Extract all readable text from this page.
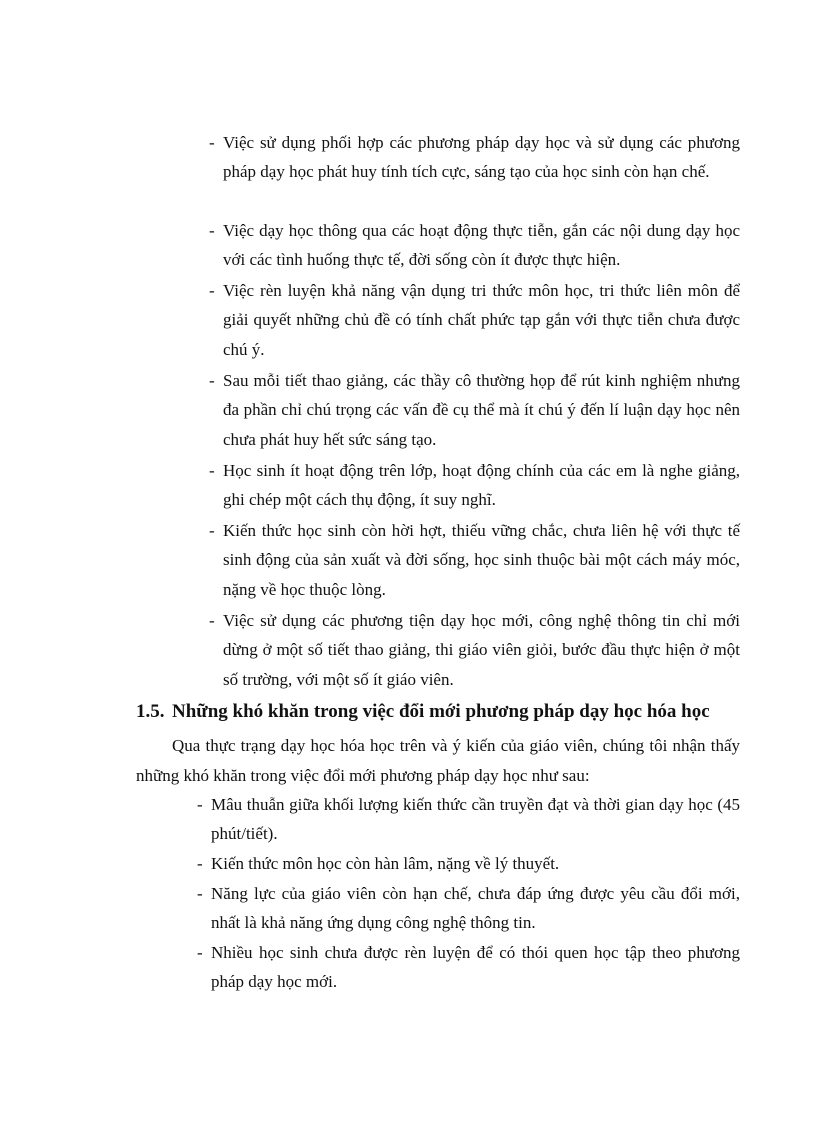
- Việc sử dụng phối hợp các phương pháp dạy học và sử dụng các phương pháp dạy học phát huy tính tích cực, sáng tạo của học sinh còn hạn chế.
- Việc dạy học thông qua các hoạt động thực tiễn, gắn các nội dung dạy học với các tình huống thực tế, đời sống còn ít được thực hiện.
- Việc rèn luyện khả năng vận dụng tri thức môn học, tri thức liên môn để giải quyết những chủ đề có tính chất phức tạp gắn với thực tiễn chưa được chú ý.
- Sau mỗi tiết thao giảng, các thầy cô thường họp để rút kinh nghiệm nhưng đa phần chỉ chú trọng các vấn đề cụ thể mà ít chú ý đến lí luận dạy học nên chưa phát huy hết sức sáng tạo.
- Học sinh ít hoạt động trên lớp, hoạt động chính của các em là nghe giảng, ghi chép một cách thụ động, ít suy nghĩ.
- Kiến thức học sinh còn hời hợt, thiếu vững chắc, chưa liên hệ với thực tế sinh động của sản xuất và đời sống, học sinh thuộc bài một cách máy móc, nặng về học thuộc lòng.
- Việc sử dụng các phương tiện dạy học mới, công nghệ thông tin chỉ mới dừng ở một số tiết thao giảng, thi giáo viên giỏi, bước đầu thực hiện ở một số trường, với một số ít giáo viên.
1.5. Những khó khăn trong việc đổi mới phương pháp dạy học hóa học
Qua thực trạng dạy học hóa học trên và ý kiến của giáo viên, chúng tôi nhận thấy những khó khăn trong việc đổi mới phương pháp dạy học như sau:
- Mâu thuẫn giữa khối lượng kiến thức cần truyền đạt và thời gian dạy học (45 phút/tiết).
- Kiến thức môn học còn hàn lâm, nặng về lý thuyết.
- Năng lực của giáo viên còn hạn chế, chưa đáp ứng được yêu cầu đổi mới, nhất là khả năng ứng dụng công nghệ thông tin.
- Nhiều học sinh chưa được rèn luyện để có thói quen học tập theo phương pháp dạy học mới.
